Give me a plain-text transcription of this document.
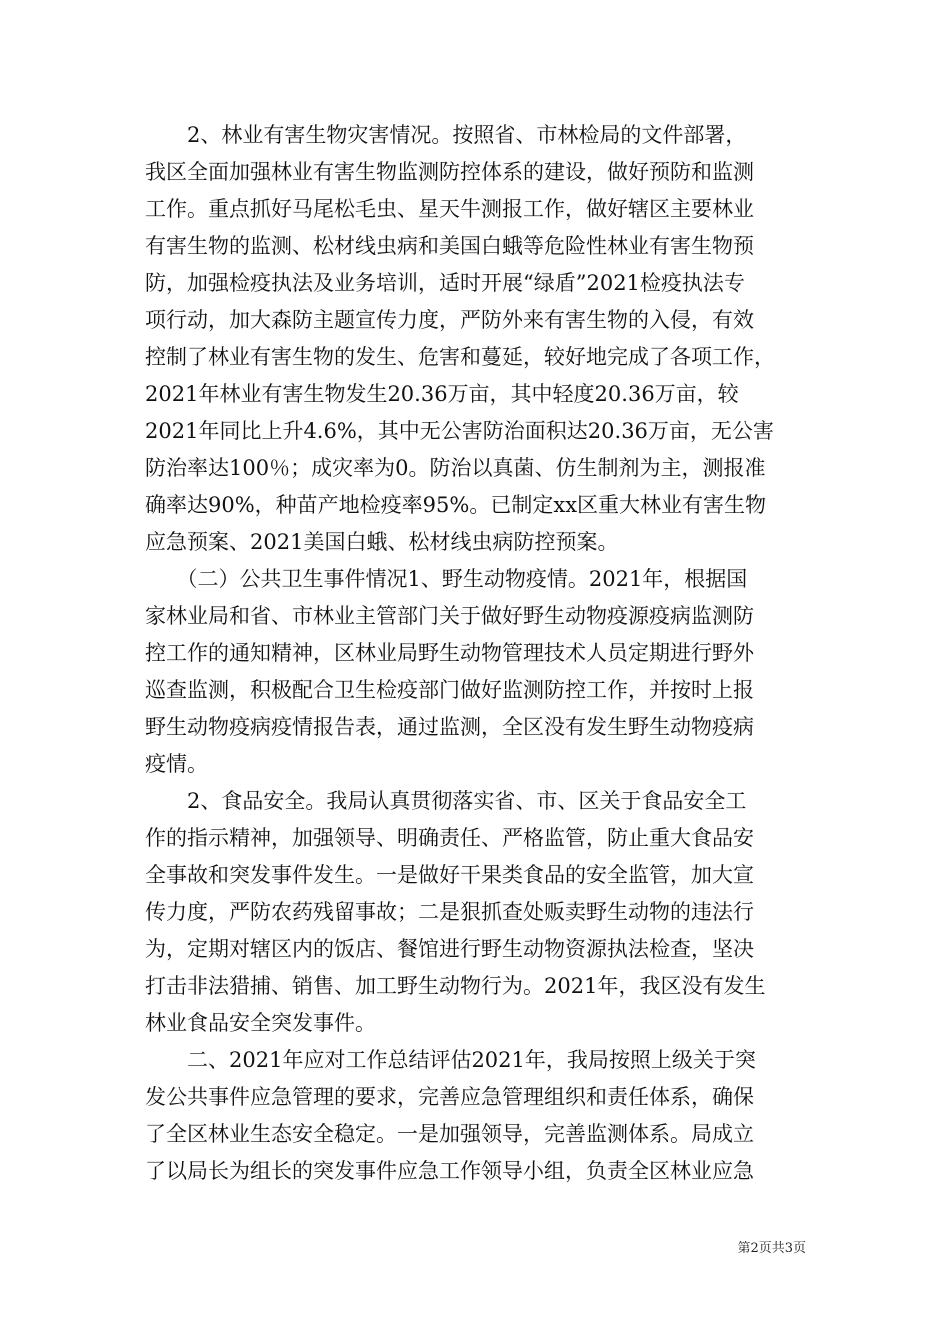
　　2、林业有害生物灾害情况。按照省、市林检局的文件部署，
我区全面加强林业有害生物监测防控体系的建设，做好预防和监测
工作。重点抓好马尾松毛虫、星天牛测报工作，做好辖区主要林业
有害生物的监测、松材线虫病和美国白蛾等危险性林业有害生物预
防，加强检疫执法及业务培训，适时开展“绿盾”2021检疫执法专
项行动，加大森防主题宣传力度，严防外来有害生物的入侵，有效
控制了林业有害生物的发生、危害和蔓延，较好地完成了各项工作，
2021年林业有害生物发生20.36万亩，其中轻度20.36万亩，较
2021年同比上升4.6%，其中无公害防治面积达20.36万亩，无公害
防治率达100％；成灾率为0。防治以真菌、仿生制剂为主，测报准
确率达90%，种苗产地检疫率95%。已制定xx区重大林业有害生物
应急预案、2021美国白蛾、松材线虫病防控预案。
　　（二）公共卫生事件情况1、野生动物疫情。2021年，根据国
家林业局和省、市林业主管部门关于做好野生动物疫源疫病监测防
控工作的通知精神，区林业局野生动物管理技术人员定期进行野外
巡查监测，积极配合卫生检疫部门做好监测防控工作，并按时上报
野生动物疫病疫情报告表，通过监测，全区没有发生野生动物疫病
疫情。
　　2、食品安全。我局认真贯彻落实省、市、区关于食品安全工
作的指示精神，加强领导、明确责任、严格监管，防止重大食品安
全事故和突发事件发生。一是做好干果类食品的安全监管，加大宣
传力度，严防农药残留事故；二是狠抓查处贩卖野生动物的违法行
为，定期对辖区内的饭店、餐馆进行野生动物资源执法检查，坚决
打击非法猎捕、销售、加工野生动物行为。2021年，我区没有发生
林业食品安全突发事件。
　　二、2021年应对工作总结评估2021年，我局按照上级关于突
发公共事件应急管理的要求，完善应急管理组织和责任体系，确保
了全区林业生态安全稳定。一是加强领导，完善监测体系。局成立
了以局长为组长的突发事件应急工作领导小组，负责全区林业应急
第2页共3页
